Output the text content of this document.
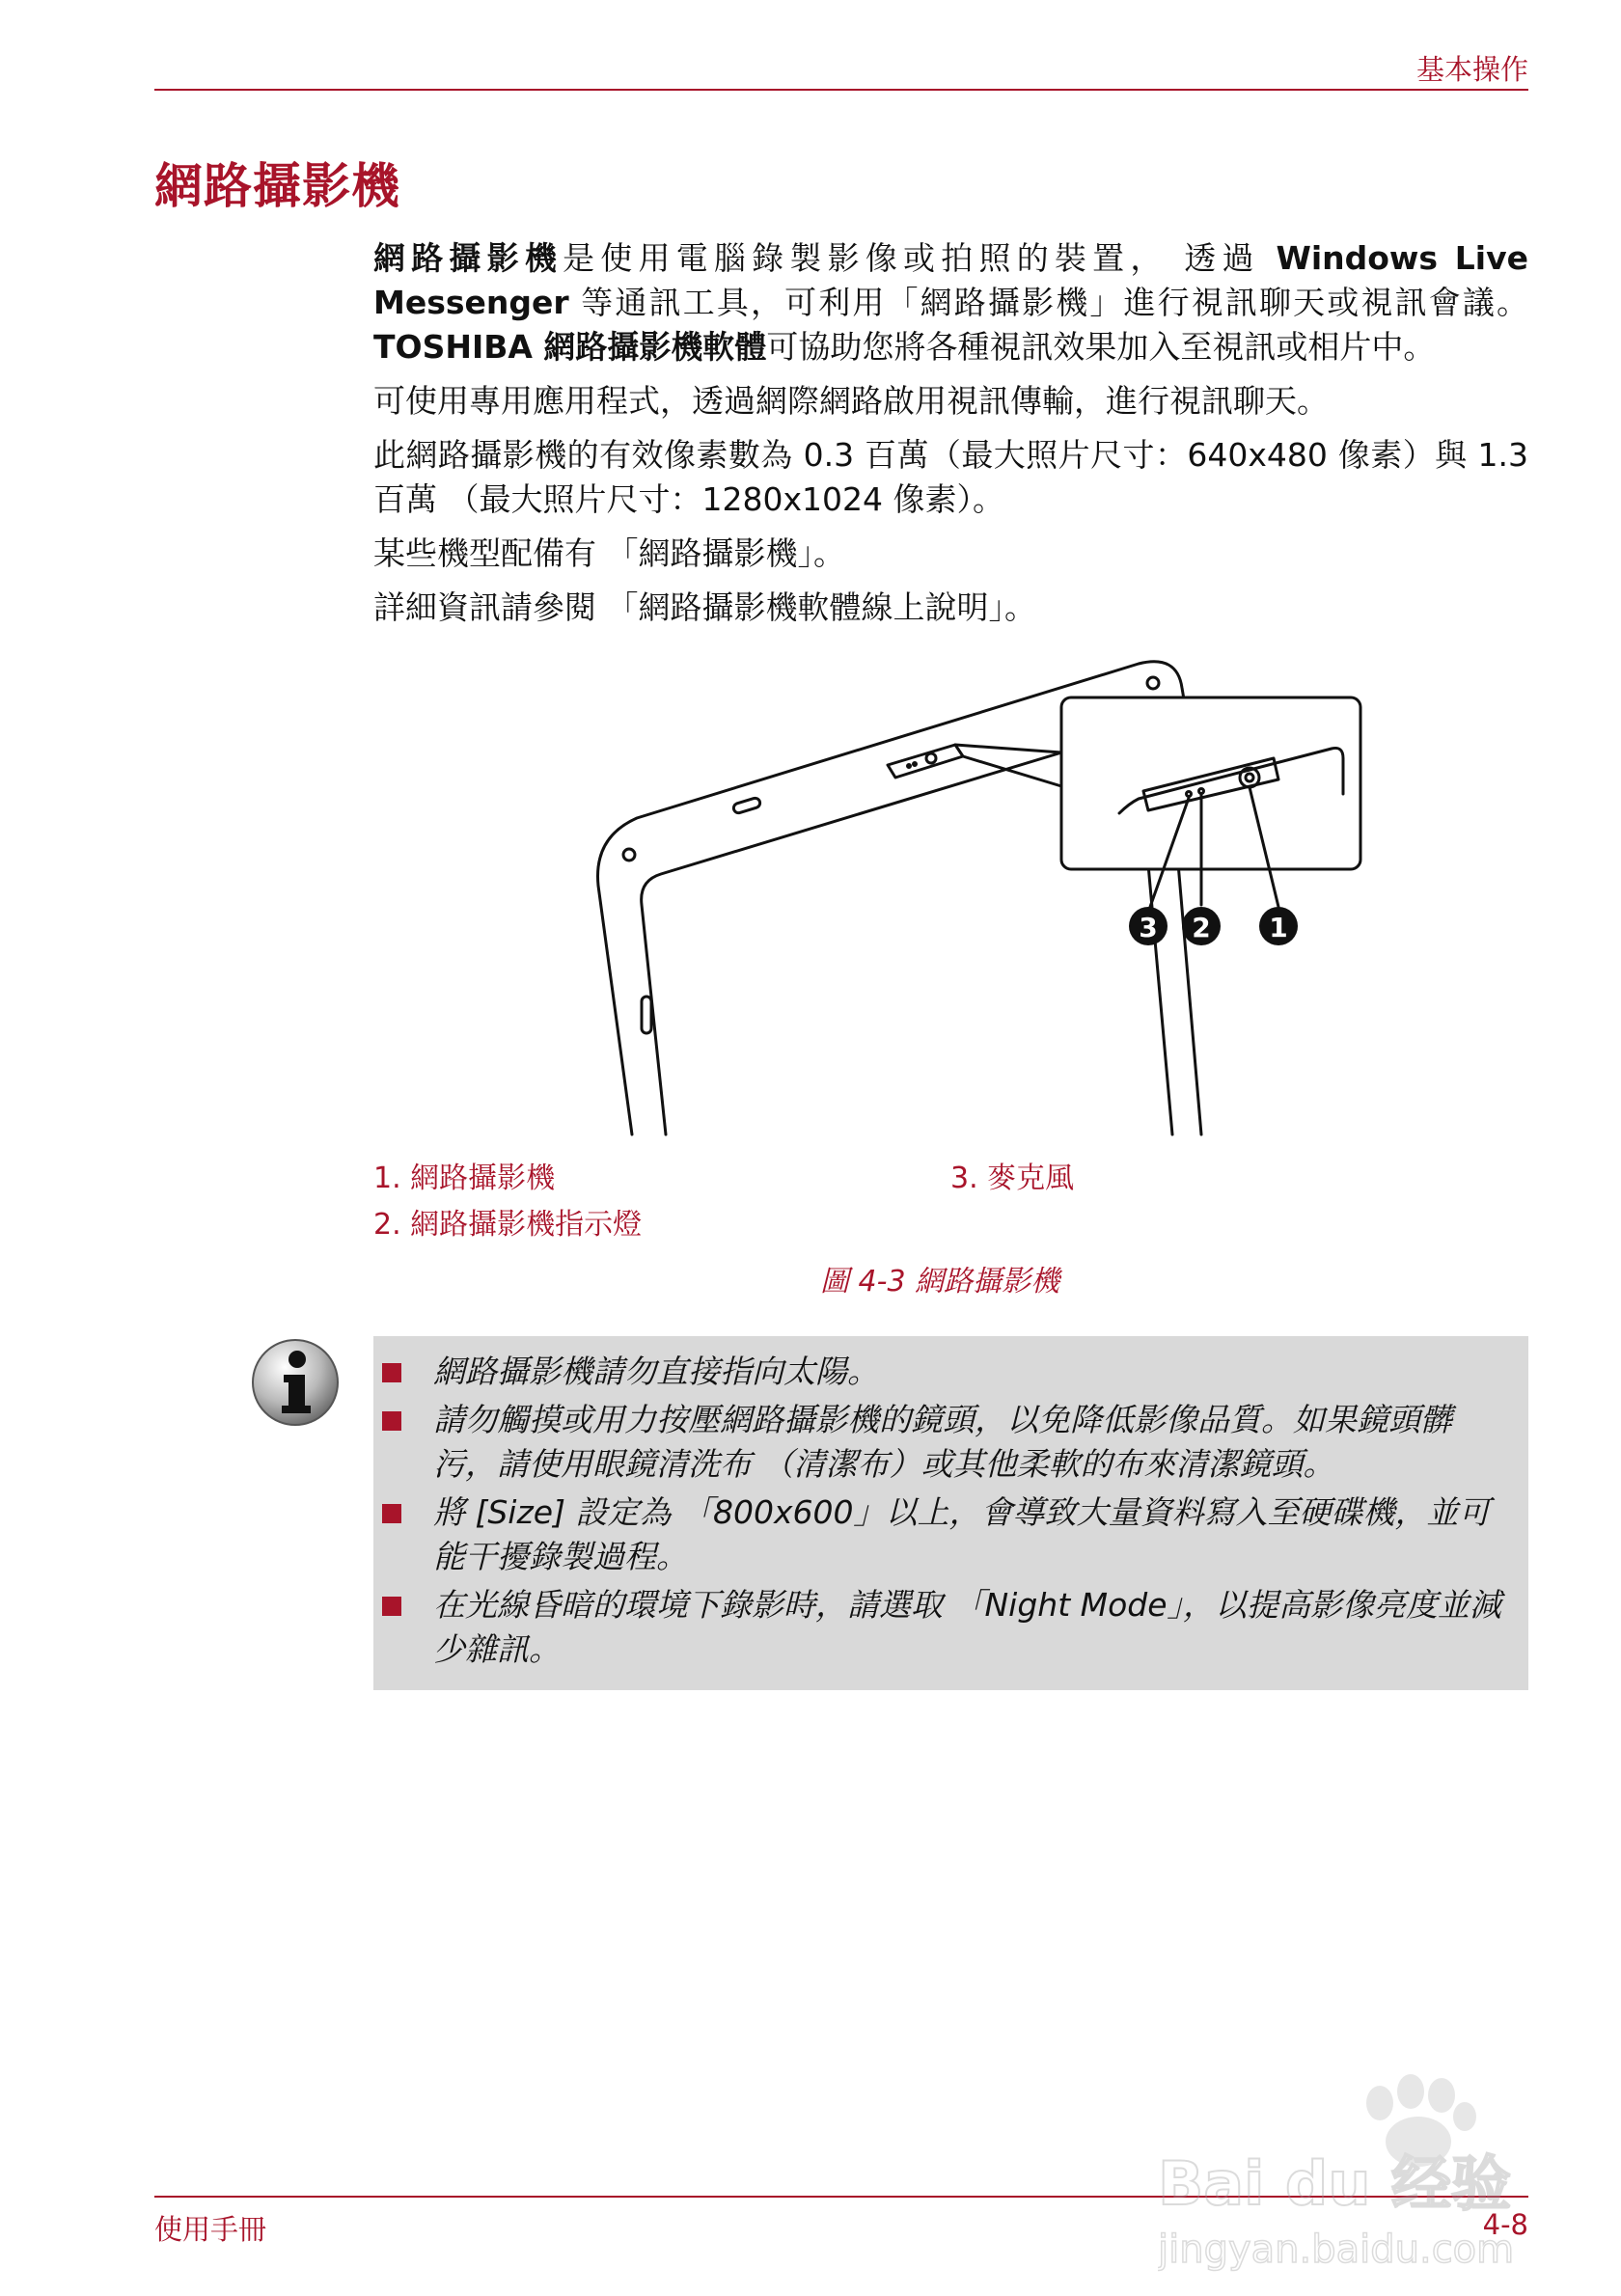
基本操作
網路攝影機

網路攝影機是使用電腦錄製影像或拍照的裝置， 透過 Windows Live Messenger 等通訊工具，可利用「網路攝影機」進行視訊聊天或視訊會議。TOSHIBA 網路攝影機軟體可協助您將各種視訊效果加入至視訊或相片中。

可使用專用應用程式，透過網際網路啟用視訊傳輸，進行視訊聊天。

此網路攝影機的有效像素數為 0.3 百萬（最大照片尺寸：640x480 像素）與 1.3 百萬 （最大照片尺寸：1280x1024 像素）。

某些機型配備有 「網路攝影機」。

詳細資訊請參閱 「網路攝影機軟體線上說明」。

3 2 1
1. 網路攝影機
2. 網路攝影機指示燈
3. 麥克風
圖 4-3 網路攝影機
網路攝影機請勿直接指向太陽。
請勿觸摸或用力按壓網路攝影機的鏡頭，以免降低影像品質。如果鏡頭髒污，請使用眼鏡清洗布 （清潔布）或其他柔軟的布來清潔鏡頭。
將 [Size] 設定為 「800x600」以上，會導致大量資料寫入至硬碟機，並可能干擾錄製過程。
在光線昏暗的環境下錄影時，請選取 「Night Mode」，以提高影像亮度並減少雜訊。
使用手冊	4-8
Bai du 经验
jingyan.baidu.com
